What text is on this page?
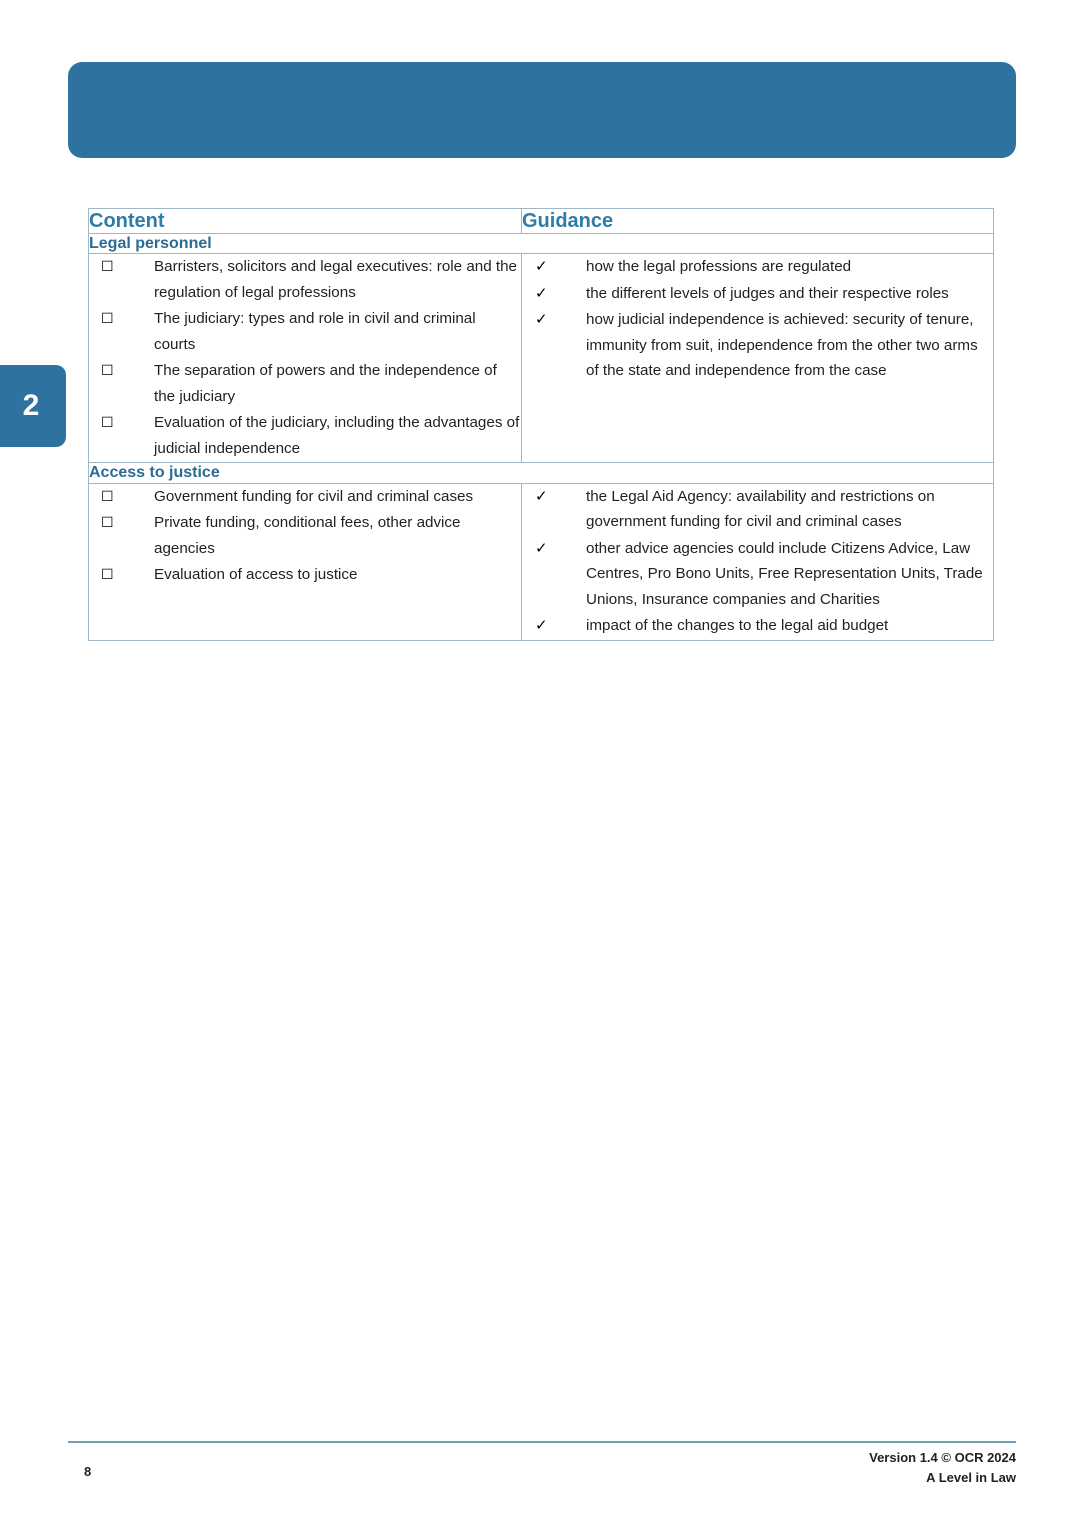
2
Content	Guidance

Legal personnel	

☐	Barristers, solicitors and legal executives: role and the regulation of legal professions
☐	The judiciary: types and role in civil and criminal courts
☐	The separation of powers and the independence of the judiciary
☐	Evaluation of the judiciary, including the advantages of judicial independence

✓	how the legal professions are regulated
✓	the different levels of judges and their respective roles
✓	how judicial independence is achieved: security of tenure, immunity from suit, independence from the other two arms of the state and independence from the case

Access to justice	

☐	Government funding for civil and criminal cases
☐	Private funding, conditional fees, other advice agencies
☐	Evaluation of access to justice

✓	the Legal Aid Agency: availability and restrictions on government funding for civil and criminal cases
✓	other advice agencies could include Citizens Advice, Law Centres, Pro Bono Units, Free Representation Units, Trade Unions, Insurance companies and Charities
✓	impact of the changes to the legal aid budget
8
Version 1.4 © OCR 2024
A Level in Law
